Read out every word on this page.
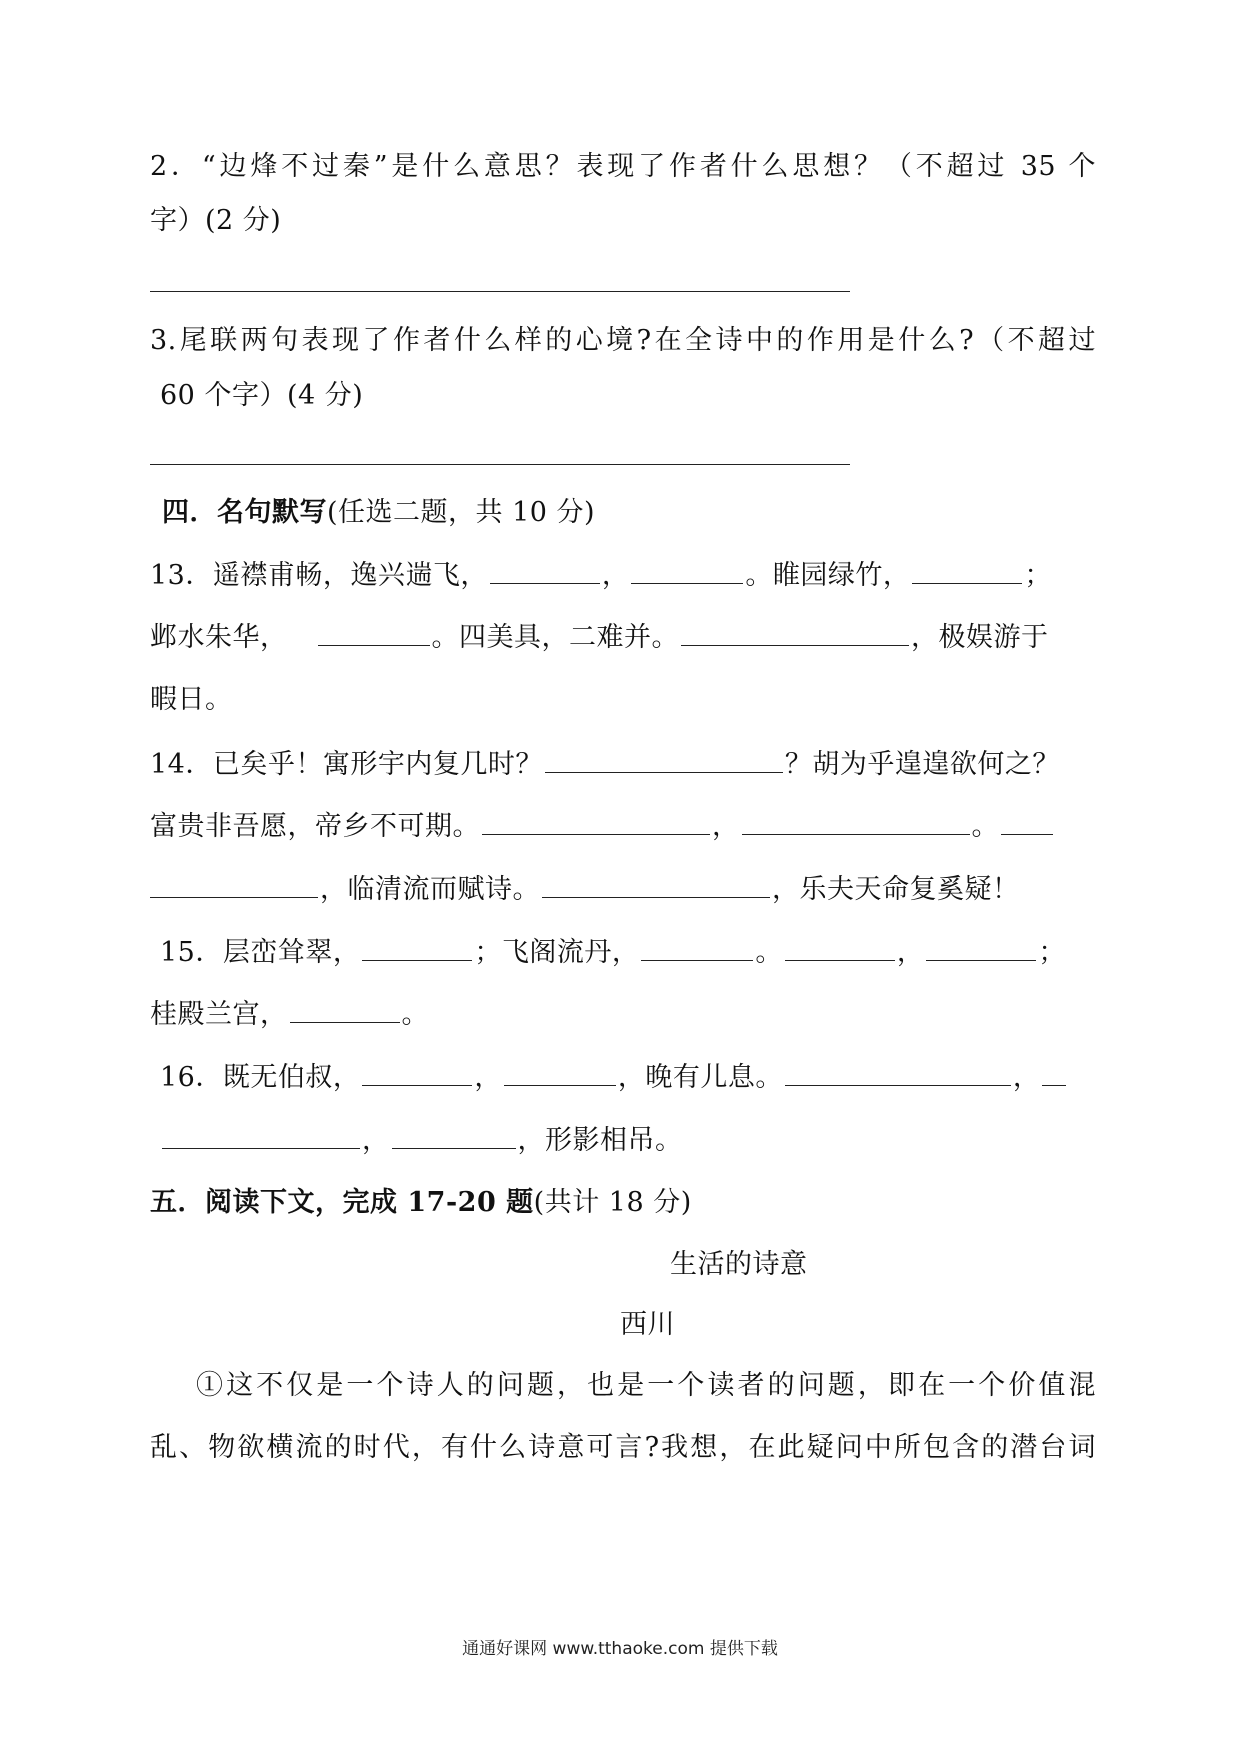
2．“边烽不过秦”是什么意思？表现了作者什么思想？（不超过 35 个
字）(2 分)
3.尾联两句表现了作者什么样的心境?在全诗中的作用是什么?（不超过
60 个字）(4 分)
四．名句默写(任选二题，共 10 分)
13．遥襟甫畅，逸兴遄飞，	，	。睢园绿竹，	；
邺水朱华，	。四美具，二难并。	，极娱游于
暇日。
14．已矣乎！寓形宇内复几时？	？胡为乎遑遑欲何之？
富贵非吾愿，帝乡不可期。	，	。
，临清流而赋诗。	，乐夫天命复奚疑！
15．层峦耸翠，	；飞阁流丹，	。	，	；
桂殿兰宫，	。
16．既无伯叔，	，	，晚有儿息。	，
，	，形影相吊。
五．阅读下文，完成 17-20 题(共计 18 分)
生活的诗意
西川
①这不仅是一个诗人的问题，也是一个读者的问题，即在一个价值混
乱、物欲横流的时代，有什么诗意可言?我想，在此疑问中所包含的潜台词
通通好课网 www.tthaoke.com 提供下载
